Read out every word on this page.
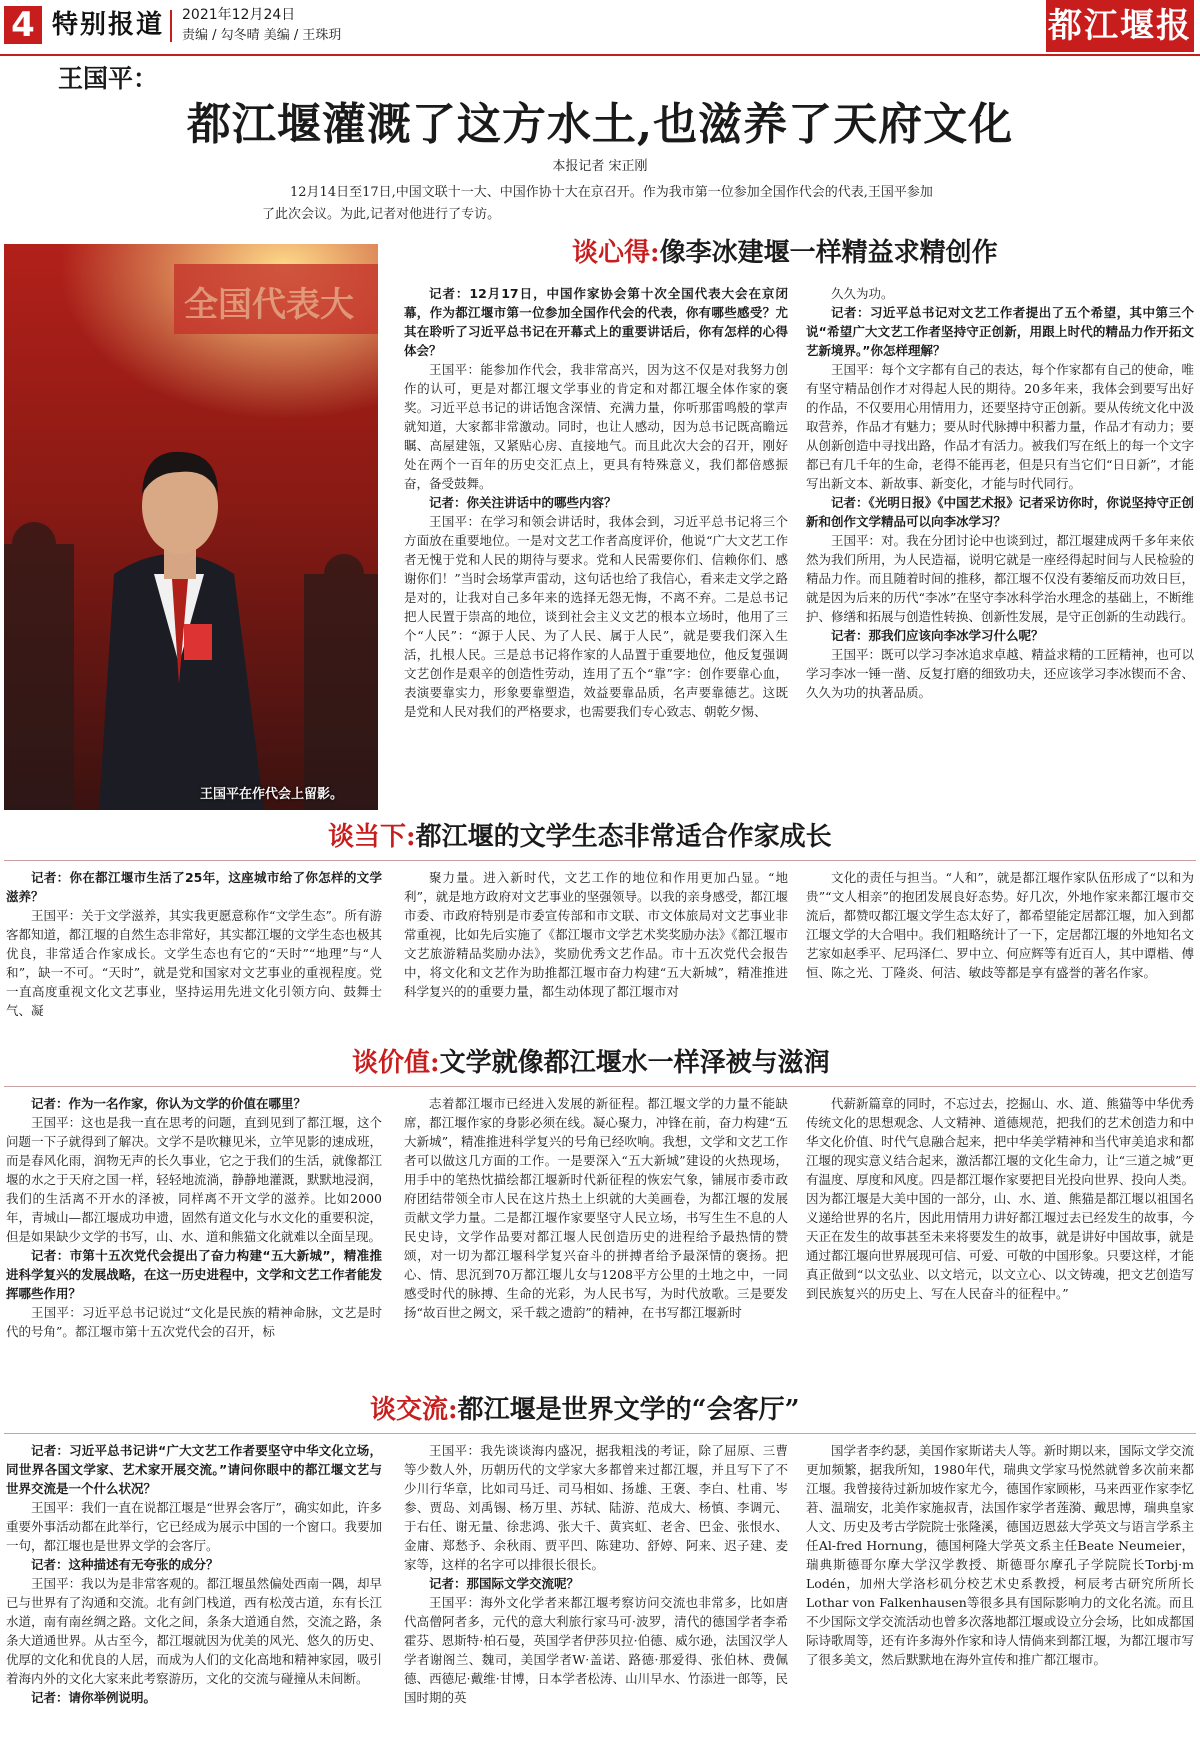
4 特别报道 2021年12月24日
责编 / 勾冬晴 美编 / 王珠玥	都江堰报
王国平：
都江堰灌溉了这方水土,也滋养了天府文化
本报记者 宋正刚
12月14日至17日,中国文联十一大、中国作协十大在京召开。作为我市第一位参加全国作代会的代表,王国平参加了此次会议。为此,记者对他进行了专访。
全国代表大
王国平在作代会上留影。
谈心得:像李冰建堰一样精益求精创作
谈当下:都江堰的文学生态非常适合作家成长
谈价值:文学就像都江堰水一样泽被与滋润
谈交流:都江堰是世界文学的“会客厅”

记者：12月17日，中国作家协会第十次全国代表大会在京闭幕，作为都江堰市第一位参加全国作代会的代表，你有哪些感受？尤其在聆听了习近平总书记在开幕式上的重要讲话后，你有怎样的心得体会？

王国平：能参加作代会，我非常高兴，因为这不仅是对我努力创作的认可，更是对都江堰文学事业的肯定和对都江堰全体作家的褒奖。习近平总书记的讲话饱含深情、充满力量，你听那雷鸣般的掌声就知道，大家都非常激动。同时，也让人感动，因为总书记既高瞻远瞩、高屋建瓴，又紧贴心房、直接地气。而且此次大会的召开，刚好处在两个一百年的历史交汇点上，更具有特殊意义，我们都倍感振奋，备受鼓舞。

记者：你关注讲话中的哪些内容？

王国平：在学习和领会讲话时，我体会到，习近平总书记将三个方面放在重要地位。一是对文艺工作者高度评价，他说“广大文艺工作者无愧于党和人民的期待与要求。党和人民需要你们、信赖你们、感谢你们！”当时会场掌声雷动，这句话也给了我信心，看来走文学之路是对的，让我对自己多年来的选择无怨无悔，不离不弃。二是总书记把人民置于崇高的地位，谈到社会主义文艺的根本立场时，他用了三个“人民”：“源于人民、为了人民、属于人民”，就是要我们深入生活，扎根人民。三是总书记将作家的人品置于重要地位，他反复强调文艺创作是艰辛的创造性劳动，连用了五个“靠”字：创作要靠心血，表演要靠实力，形象要靠塑造，效益要靠品质，名声要靠德艺。这既是党和人民对我们的严格要求，也需要我们专心致志、朝乾夕惕、

久久为功。

记者：习近平总书记对文艺工作者提出了五个希望，其中第三个说“希望广大文艺工作者坚持守正创新，用跟上时代的精品力作开拓文艺新境界。”你怎样理解？

王国平：每个文字都有自己的表达，每个作家都有自己的使命，唯有坚守精品创作才对得起人民的期待。20多年来，我体会到要写出好的作品，不仅要用心用情用力，还要坚持守正创新。要从传统文化中汲取营养，作品才有魅力；要从时代脉搏中积蓄力量，作品才有动力；要从创新创造中寻找出路，作品才有活力。被我们写在纸上的每一个文字都已有几千年的生命，老得不能再老，但是只有当它们“日日新”，才能写出新文本、新故事、新变化，才能与时代同行。

记者：《光明日报》《中国艺术报》记者采访你时，你说坚持守正创新和创作文学精品可以向李冰学习？

王国平：对。我在分团讨论中也谈到过，都江堰建成两千多年来依然为我们所用，为人民造福，说明它就是一座经得起时间与人民检验的精品力作。而且随着时间的推移，都江堰不仅没有萎缩反而功效日巨，就是因为后来的历代“李冰”在坚守李冰科学治水理念的基础上，不断维护、修缮和拓展与创造性转换、创新性发展，是守正创新的生动践行。

记者：那我们应该向李冰学习什么呢？

王国平：既可以学习李冰追求卓越、精益求精的工匠精神，也可以学习李冰一锤一凿、反复打磨的细致功夫，还应该学习李冰锲而不舍、久久为功的执著品质。

记者：你在都江堰市生活了25年，这座城市给了你怎样的文学滋养？

王国平：关于文学滋养，其实我更愿意称作“文学生态”。所有游客都知道，都江堰的自然生态非常好，其实都江堰的文学生态也极其优良，非常适合作家成长。文学生态也有它的“天时”“地理”与“人和”，缺一不可。“天时”，就是党和国家对文艺事业的重视程度。党一直高度重视文化文艺事业，坚持运用先进文化引领方向、鼓舞士气、凝

聚力量。进入新时代，文艺工作的地位和作用更加凸显。“地利”，就是地方政府对文艺事业的坚强领导。以我的亲身感受，都江堰市委、市政府特别是市委宣传部和市文联、市文体旅局对文艺事业非常重视，比如先后实施了《都江堰市文学艺术奖奖励办法》《都江堰市文艺旅游精品奖励办法》，奖励优秀文艺作品。市十五次党代会报告中，将文化和文艺作为助推都江堰市奋力构建“五大新城”，精准推进科学复兴的的重要力量，都生动体现了都江堰市对

文化的责任与担当。“人和”，就是都江堰作家队伍形成了“以和为贵”“文人相亲”的抱团发展良好态势。好几次，外地作家来都江堰市交流后，都赞叹都江堰文学生态太好了，都希望能定居都江堰，加入到都江堰文学的大合唱中。我们粗略统计了一下，定居都江堰的外地知名文艺家如赵季平、尼玛泽仁、罗中立、何应辉等有近百人，其中谭楷、傅恒、陈之光、丁隆炎、何洁、敏歧等都是享有盛誉的著名作家。

记者：作为一名作家，你认为文学的价值在哪里？

王国平：这也是我一直在思考的问题，直到见到了都江堰，这个问题一下子就得到了解决。文学不是吹糠见米，立竿见影的速成班，而是春风化雨，润物无声的长久事业，它之于我们的生活，就像都江堰的水之于天府之国一样，轻轻地流淌，静静地灌溉，默默地浸润，我们的生活离不开水的泽被，同样离不开文学的滋养。比如2000年，青城山—都江堰成功申遗，固然有道文化与水文化的重要积淀，但是如果缺少文学的书写，山、水、道和熊猫文化就难以全面呈现。

记者：市第十五次党代会提出了奋力构建“五大新城”，精准推进科学复兴的发展战略，在这一历史进程中，文学和文艺工作者能发挥哪些作用？

王国平：习近平总书记说过“文化是民族的精神命脉，文艺是时代的号角”。都江堰市第十五次党代会的召开，标

志着都江堰市已经进入发展的新征程。都江堰文学的力量不能缺席，都江堰作家的身影必须在线。凝心聚力，冲锋在前，奋力构建“五大新城”，精准推进科学复兴的号角已经吹响。我想，文学和文艺工作者可以做这几方面的工作。一是要深入“五大新城”建设的火热现场，用手中的笔热忱描绘都江堰新时代新征程的恢宏气象，铺展市委市政府团结带领全市人民在这片热土上织就的大美画卷，为都江堰的发展贡献文学力量。二是都江堰作家要坚守人民立场，书写生生不息的人民史诗，文学作品要对都江堰人民创造历史的进程给予最热情的赞颂，对一切为都江堰科学复兴奋斗的拼搏者给予最深情的褒扬。把心、情、思沉到70万都江堰儿女与1208平方公里的土地之中，一同感受时代的脉搏、生命的光彩，为人民书写，为时代放歌。三是要发扬“故百世之阙文，采千载之遗韵”的精神，在书写都江堰新时

代薪新篇章的同时，不忘过去，挖掘山、水、道、熊猫等中华优秀传统文化的思想观念、人文精神、道德规范，把我们的艺术创造力和中华文化价值、时代气息融合起来，把中华美学精神和当代审美追求和都江堰的现实意义结合起来，激活都江堰的文化生命力，让“三道之城”更有温度、厚度和风度。四是都江堰作家要把目光投向世界、投向人类。因为都江堰是大美中国的一部分，山、水、道、熊猫是都江堰以祖国名义递给世界的名片，因此用情用力讲好都江堰过去已经发生的故事，今天正在发生的故事甚至未来将要发生的故事，就是讲好中国故事，就是通过都江堰向世界展现可信、可爱、可敬的中国形象。只要这样，才能真正做到“以文弘业、以文培元，以文立心、以文铸魂，把文艺创造写到民族复兴的历史上、写在人民奋斗的征程中。”

记者：习近平总书记讲“广大文艺工作者要坚守中华文化立场，同世界各国文学家、艺术家开展交流。”请问你眼中的都江堰文艺与世界交流是一个什么状况？

王国平：我们一直在说都江堰是“世界会客厅”，确实如此，许多重要外事活动都在此举行，它已经成为展示中国的一个窗口。我要加一句，都江堰也是世界文学的会客厅。

记者：这种描述有无夸张的成分？

王国平：我以为是非常客观的。都江堰虽然偏处西南一隅，却早已与世界有了沟通和交流。北有剑门栈道，西有松茂古道，东有长江水道，南有南丝绸之路。文化之间，条条大道通自然，交流之路，条条大道通世界。从古至今，都江堰就因为优美的风光、悠久的历史、优厚的文化和优良的人居，而成为人们的文化高地和精神家园，吸引着海内外的文化大家来此考察游历，文化的交流与碰撞从未间断。

记者：请你举例说明。

王国平：我先谈谈海内盛况，据我粗浅的考证，除了屈原、三曹等少数人外，历朝历代的文学家大多都曾来过都江堰，并且写下了不少川行华章，比如司马迁、司马相如、扬雄、王褒、李白、杜甫、岑参、贾岛、刘禹锡、杨万里、苏轼、陆游、范成大、杨慎、李调元、于右任、谢无量、徐悲鸿、张大千、黄宾虹、老舍、巴金、张恨水、金庸、郑愁予、余秋雨、贾平凹、陈建功、舒婷、阿来、迟子建、麦家等，这样的名字可以排很长很长。

记者：那国际文学交流呢？

王国平：海外文化学者来都江堰考察访问交流也非常多，比如唐代高僧阿者多，元代的意大利旅行家马可·波罗，清代的德国学者李希霍芬、恩斯特·柏石曼，英国学者伊莎贝拉·伯德、威尔逊，法国汉学人学者谢阁兰、魏司，美国学者W·盖诺、路德·那爱得、张伯林、费佩德、西德尼·戴维·甘博，日本学者松涛、山川早水、竹添进一郎等，民国时期的英

国学者李约瑟，美国作家斯诺夫人等。新时期以来，国际文学交流更加频繁，据我所知，1980年代，瑞典文学家马悦然就曾多次前来都江堰。我曾接待过新加坡作家尤今，德国作家顾彬，马来西亚作家李忆莙、温瑞安，北美作家施叔青，法国作家学者莲漪、戴思博，瑞典皇家人文、历史及考古学院院士张隆溪，德国迈恩兹大学英文与语言学系主任Al-fred Hornung，德国柯隆大学英文系主任Beate Neumeier，瑞典斯德哥尔摩大学汉学教授、斯德哥尔摩孔子学院院长Torbj·m Lodén，加州大学洛杉矶分校艺术史系教授，柯辰考古研究所所长Lothar von Falkenhausen等很多具有国际影响力的文化名流。而且不少国际文学交流活动也曾多次落地都江堰或设立分会场，比如成都国际诗歌周等，还有许多海外作家和诗人情倘来到都江堰，为都江堰市写了很多美文，然后默默地在海外宣传和推广都江堰市。
